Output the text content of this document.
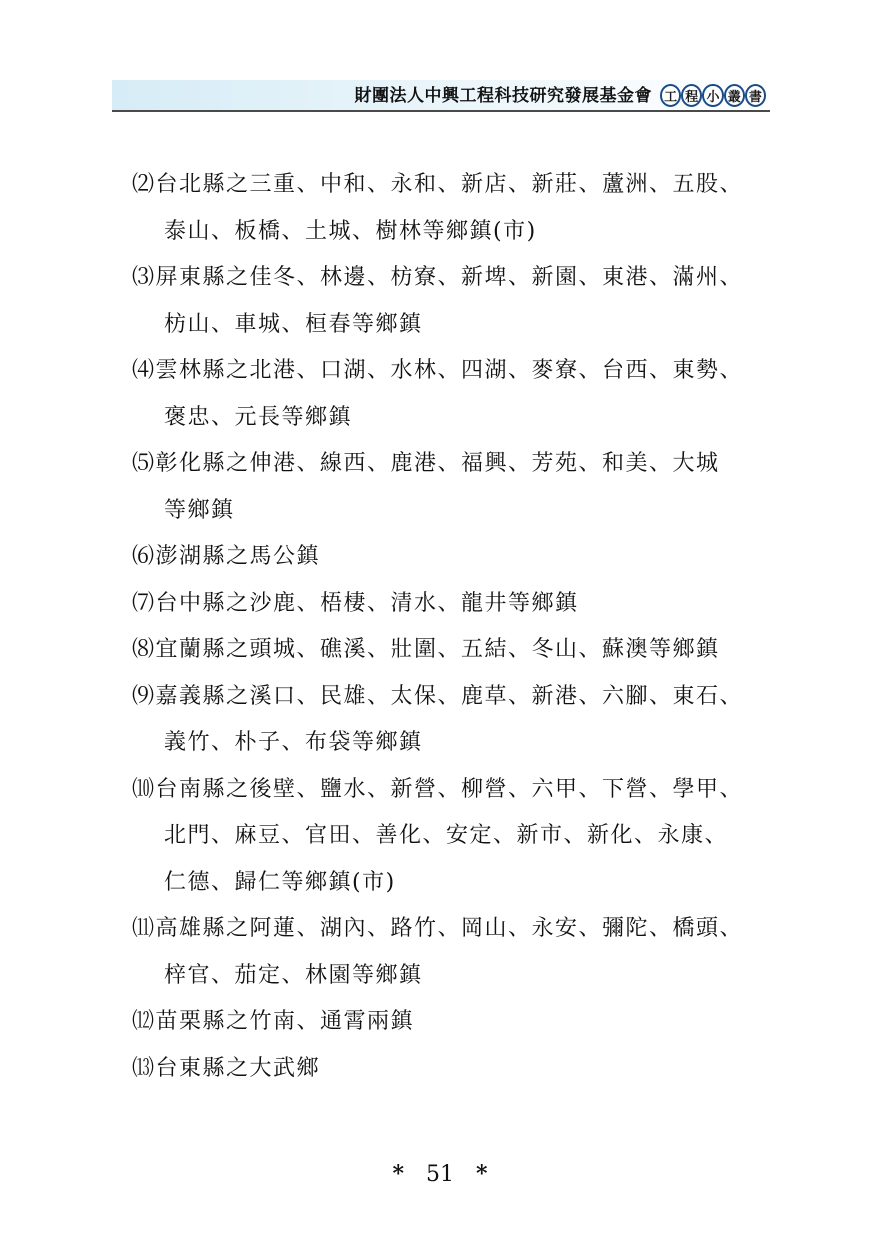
財團法人中興工程科技研究發展基金會 工 程 小 叢 書
⑵台北縣之三重、中和、永和、新店、新莊、蘆洲、五股、
泰山、板橋、土城、樹林等鄉鎮(市)
⑶屏東縣之佳冬、林邊、枋寮、新埤、新園、東港、滿州、
枋山、車城、桓春等鄉鎮
⑷雲林縣之北港、口湖、水林、四湖、麥寮、台西、東勢、
褒忠、元長等鄉鎮
⑸彰化縣之伸港、線西、鹿港、福興、芳苑、和美、大城
等鄉鎮
⑹澎湖縣之馬公鎮
⑺台中縣之沙鹿、梧棲、清水、龍井等鄉鎮
⑻宜蘭縣之頭城、礁溪、壯圍、五結、冬山、蘇澳等鄉鎮
⑼嘉義縣之溪口、民雄、太保、鹿草、新港、六腳、東石、
義竹、朴子、布袋等鄉鎮
⑽台南縣之後壁、鹽水、新營、柳營、六甲、下營、學甲、
北門、麻豆、官田、善化、安定、新市、新化、永康、
仁德、歸仁等鄉鎮(市)
⑾高雄縣之阿蓮、湖內、路竹、岡山、永安、彌陀、橋頭、
梓官、茄定、林園等鄉鎮
⑿苗栗縣之竹南、通霄兩鎮
⒀台東縣之大武鄉
* 51 *
